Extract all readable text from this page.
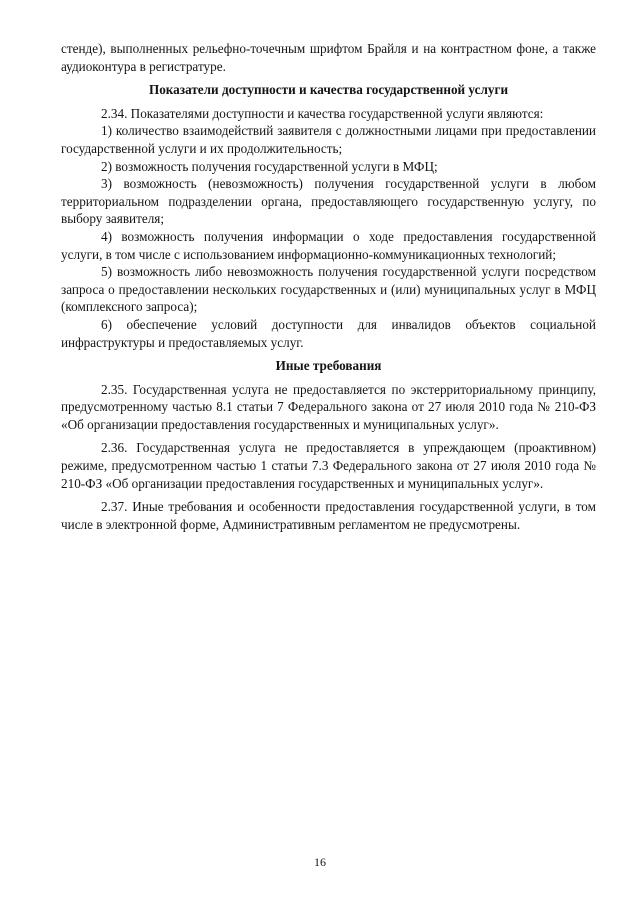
стенде), выполненных рельефно-точечным шрифтом Брайля и на контрастном фоне, а также аудиоконтура в регистратуре.

Показатели доступности и качества государственной услуги

2.34. Показателями доступности и качества государственной услуги являются:

1) количество взаимодействий заявителя с должностными лицами при предоставлении государственной услуги и их продолжительность;

2) возможность получения государственной услуги в МФЦ;

3) возможность (невозможность) получения государственной услуги в любом территориальном подразделении органа, предоставляющего государственную услугу, по выбору заявителя;

4) возможность получения информации о ходе предоставления государственной услуги, в том числе с использованием информационно-коммуникационных технологий;

5) возможность либо невозможность получения государственной услуги посредством запроса о предоставлении нескольких государственных и (или) муниципальных услуг в МФЦ (комплексного запроса);

6) обеспечение условий доступности для инвалидов объектов социальной инфраструктуры и предоставляемых услуг.

Иные требования

2.35. Государственная услуга не предоставляется по экстерриториальному принципу, предусмотренному частью 8.1 статьи 7 Федерального закона от 27 июля 2010 года № 210-ФЗ «Об организации предоставления государственных и муниципальных услуг».

2.36. Государственная услуга не предоставляется в упреждающем (проактивном) режиме, предусмотренном частью 1 статьи 7.3 Федерального закона от 27 июля 2010 года № 210-ФЗ «Об организации предоставления государственных и муниципальных услуг».

2.37. Иные требования и особенности предоставления государственной услуги, в том числе в электронной форме, Административным регламентом не предусмотрены.

16
